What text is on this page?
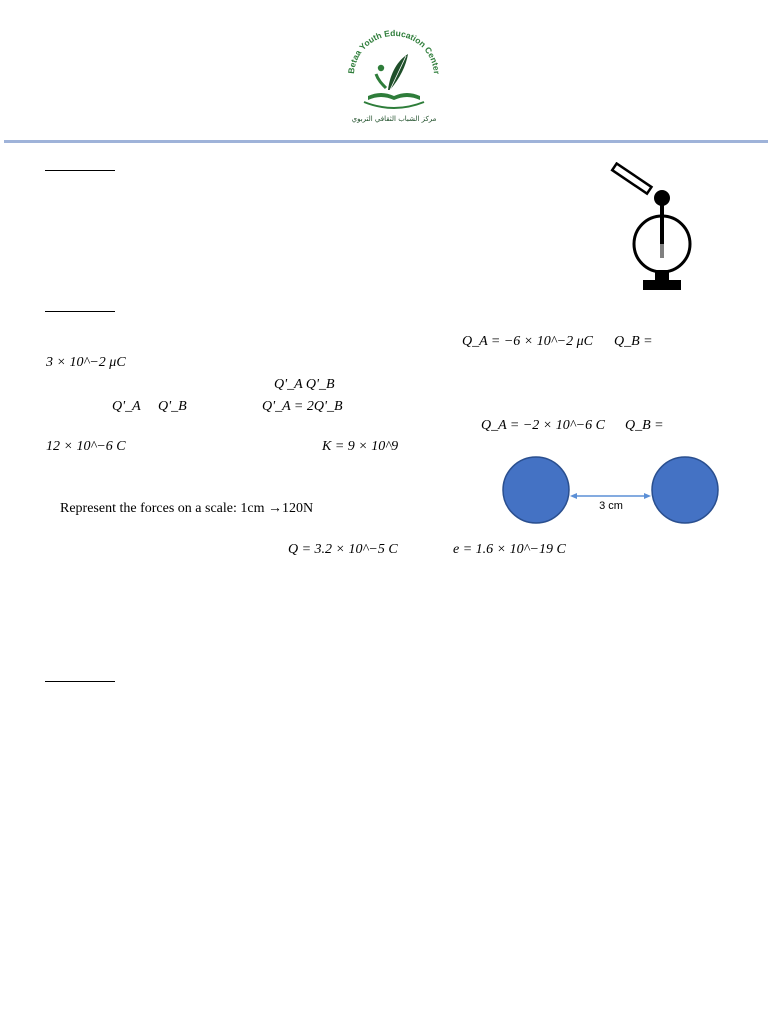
Betaa Youth Education Center
مركز الشباب الثقافي التربوي
Q_A = −6 × 10^−2 μC Q_B =
3 × 10^−2 μC
Q'_A Q'_B
Q'_A Q'_B	Q'_A = 2Q'_B
Q_A = −2 × 10^−6 C Q_B =
12 × 10^−6 C	K = 9 × 10^9
Represent the forces on a scale: 1cm →120N
Q = 3.2 × 10^−5 C	e = 1.6 × 10^−19 C
3 cm
